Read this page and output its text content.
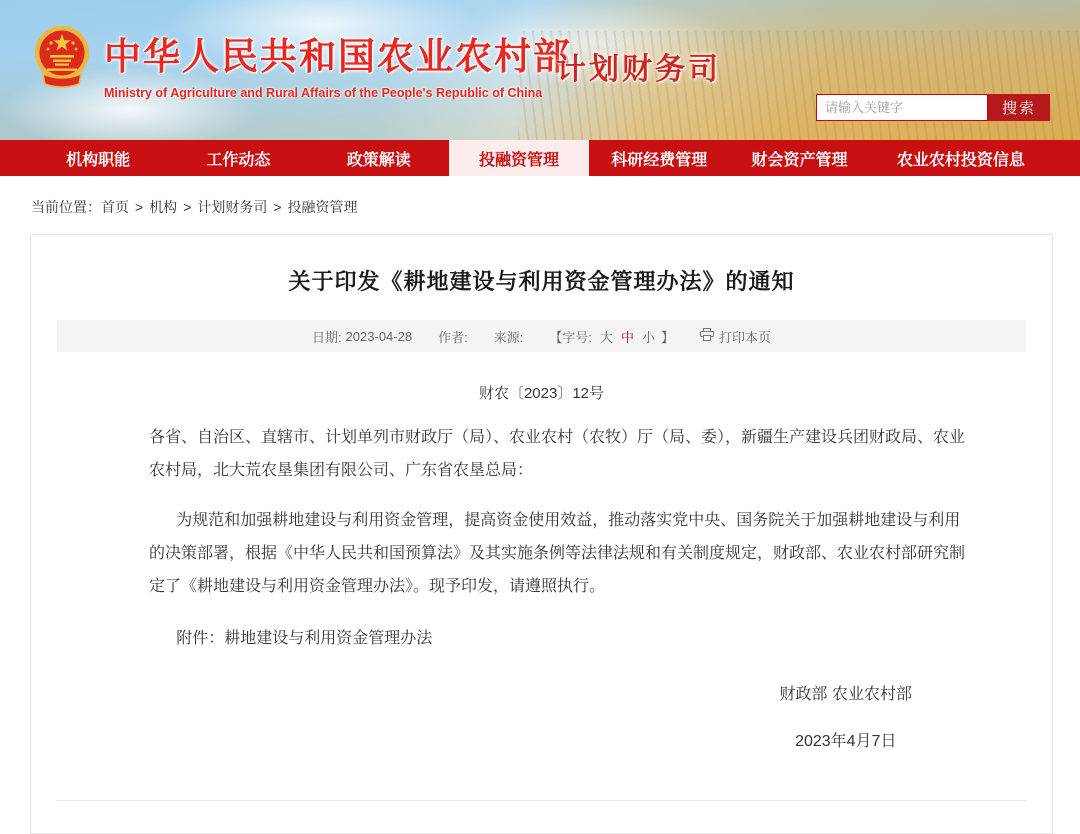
中华人民共和国农业农村部
Ministry of Agriculture and Rural Affairs of the People's Republic of China
计划财务司
请输入关键字
搜索
机构职能	工作动态	政策解读	投融资管理	科研经费管理	财会资产管理	农业农村投资信息
当前位置：首页 > 机构 > 计划财务司 > 投融资管理
关于印发《耕地建设与利用资金管理办法》的通知
日期: 2023-04-28 作者: 来源: 【字号: 大 中 小 】	打印本页
财农〔2023〕12号

各省、自治区、直辖市、计划单列市财政厅（局）、农业农村（农牧）厅（局、委），新疆生产建设兵团财政局、农业农村局，北大荒农垦集团有限公司、广东省农垦总局：

为规范和加强耕地建设与利用资金管理，提高资金使用效益，推动落实党中央、国务院关于加强耕地建设与利用的决策部署，根据《中华人民共和国预算法》及其实施条例等法律法规和有关制度规定，财政部、农业农村部研究制定了《耕地建设与利用资金管理办法》。现予印发，请遵照执行。

附件：耕地建设与利用资金管理办法

财政部 农业农村部
2023年4月7日
